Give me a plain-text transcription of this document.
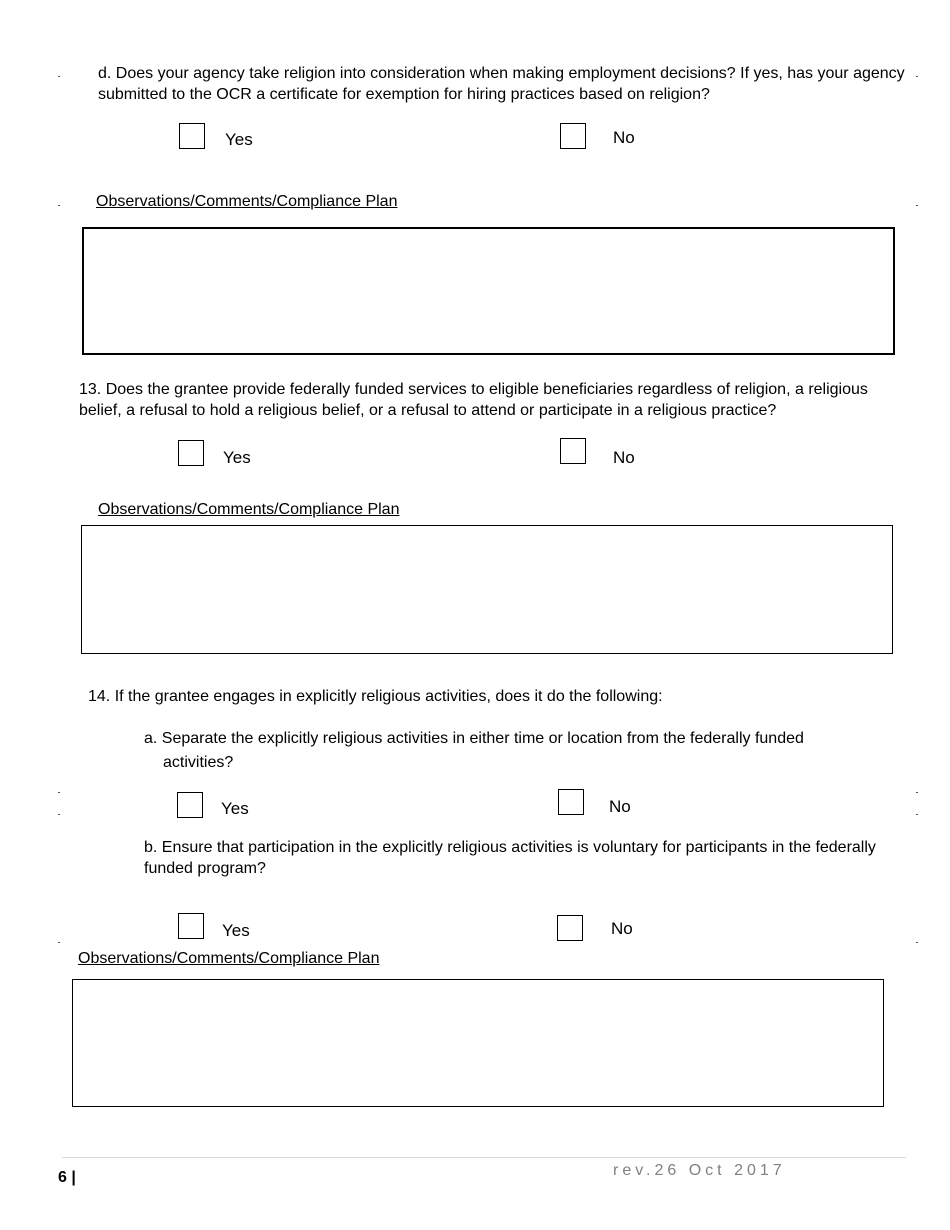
d. Does your agency take religion into consideration when making employment decisions? If yes, has your agency submitted to the OCR a certificate for exemption for hiring practices based on religion?
Yes	No
Observations/Comments/Compliance Plan
13. Does the grantee provide federally funded services to eligible beneficiaries regardless of religion, a religious belief, a refusal to hold a religious belief, or a refusal to attend or participate in a religious practice?
Yes	No
Observations/Comments/Compliance Plan
14. If the grantee engages in explicitly religious activities, does it do the following:
a. Separate the explicitly religious activities in either time or location from the federally funded
activities?
Yes	No
b. Ensure that participation in the explicitly religious activities is voluntary for participants in the federally funded program?
Yes	No
Observations/Comments/Compliance Plan
6 |	rev.26 Oct 2017
